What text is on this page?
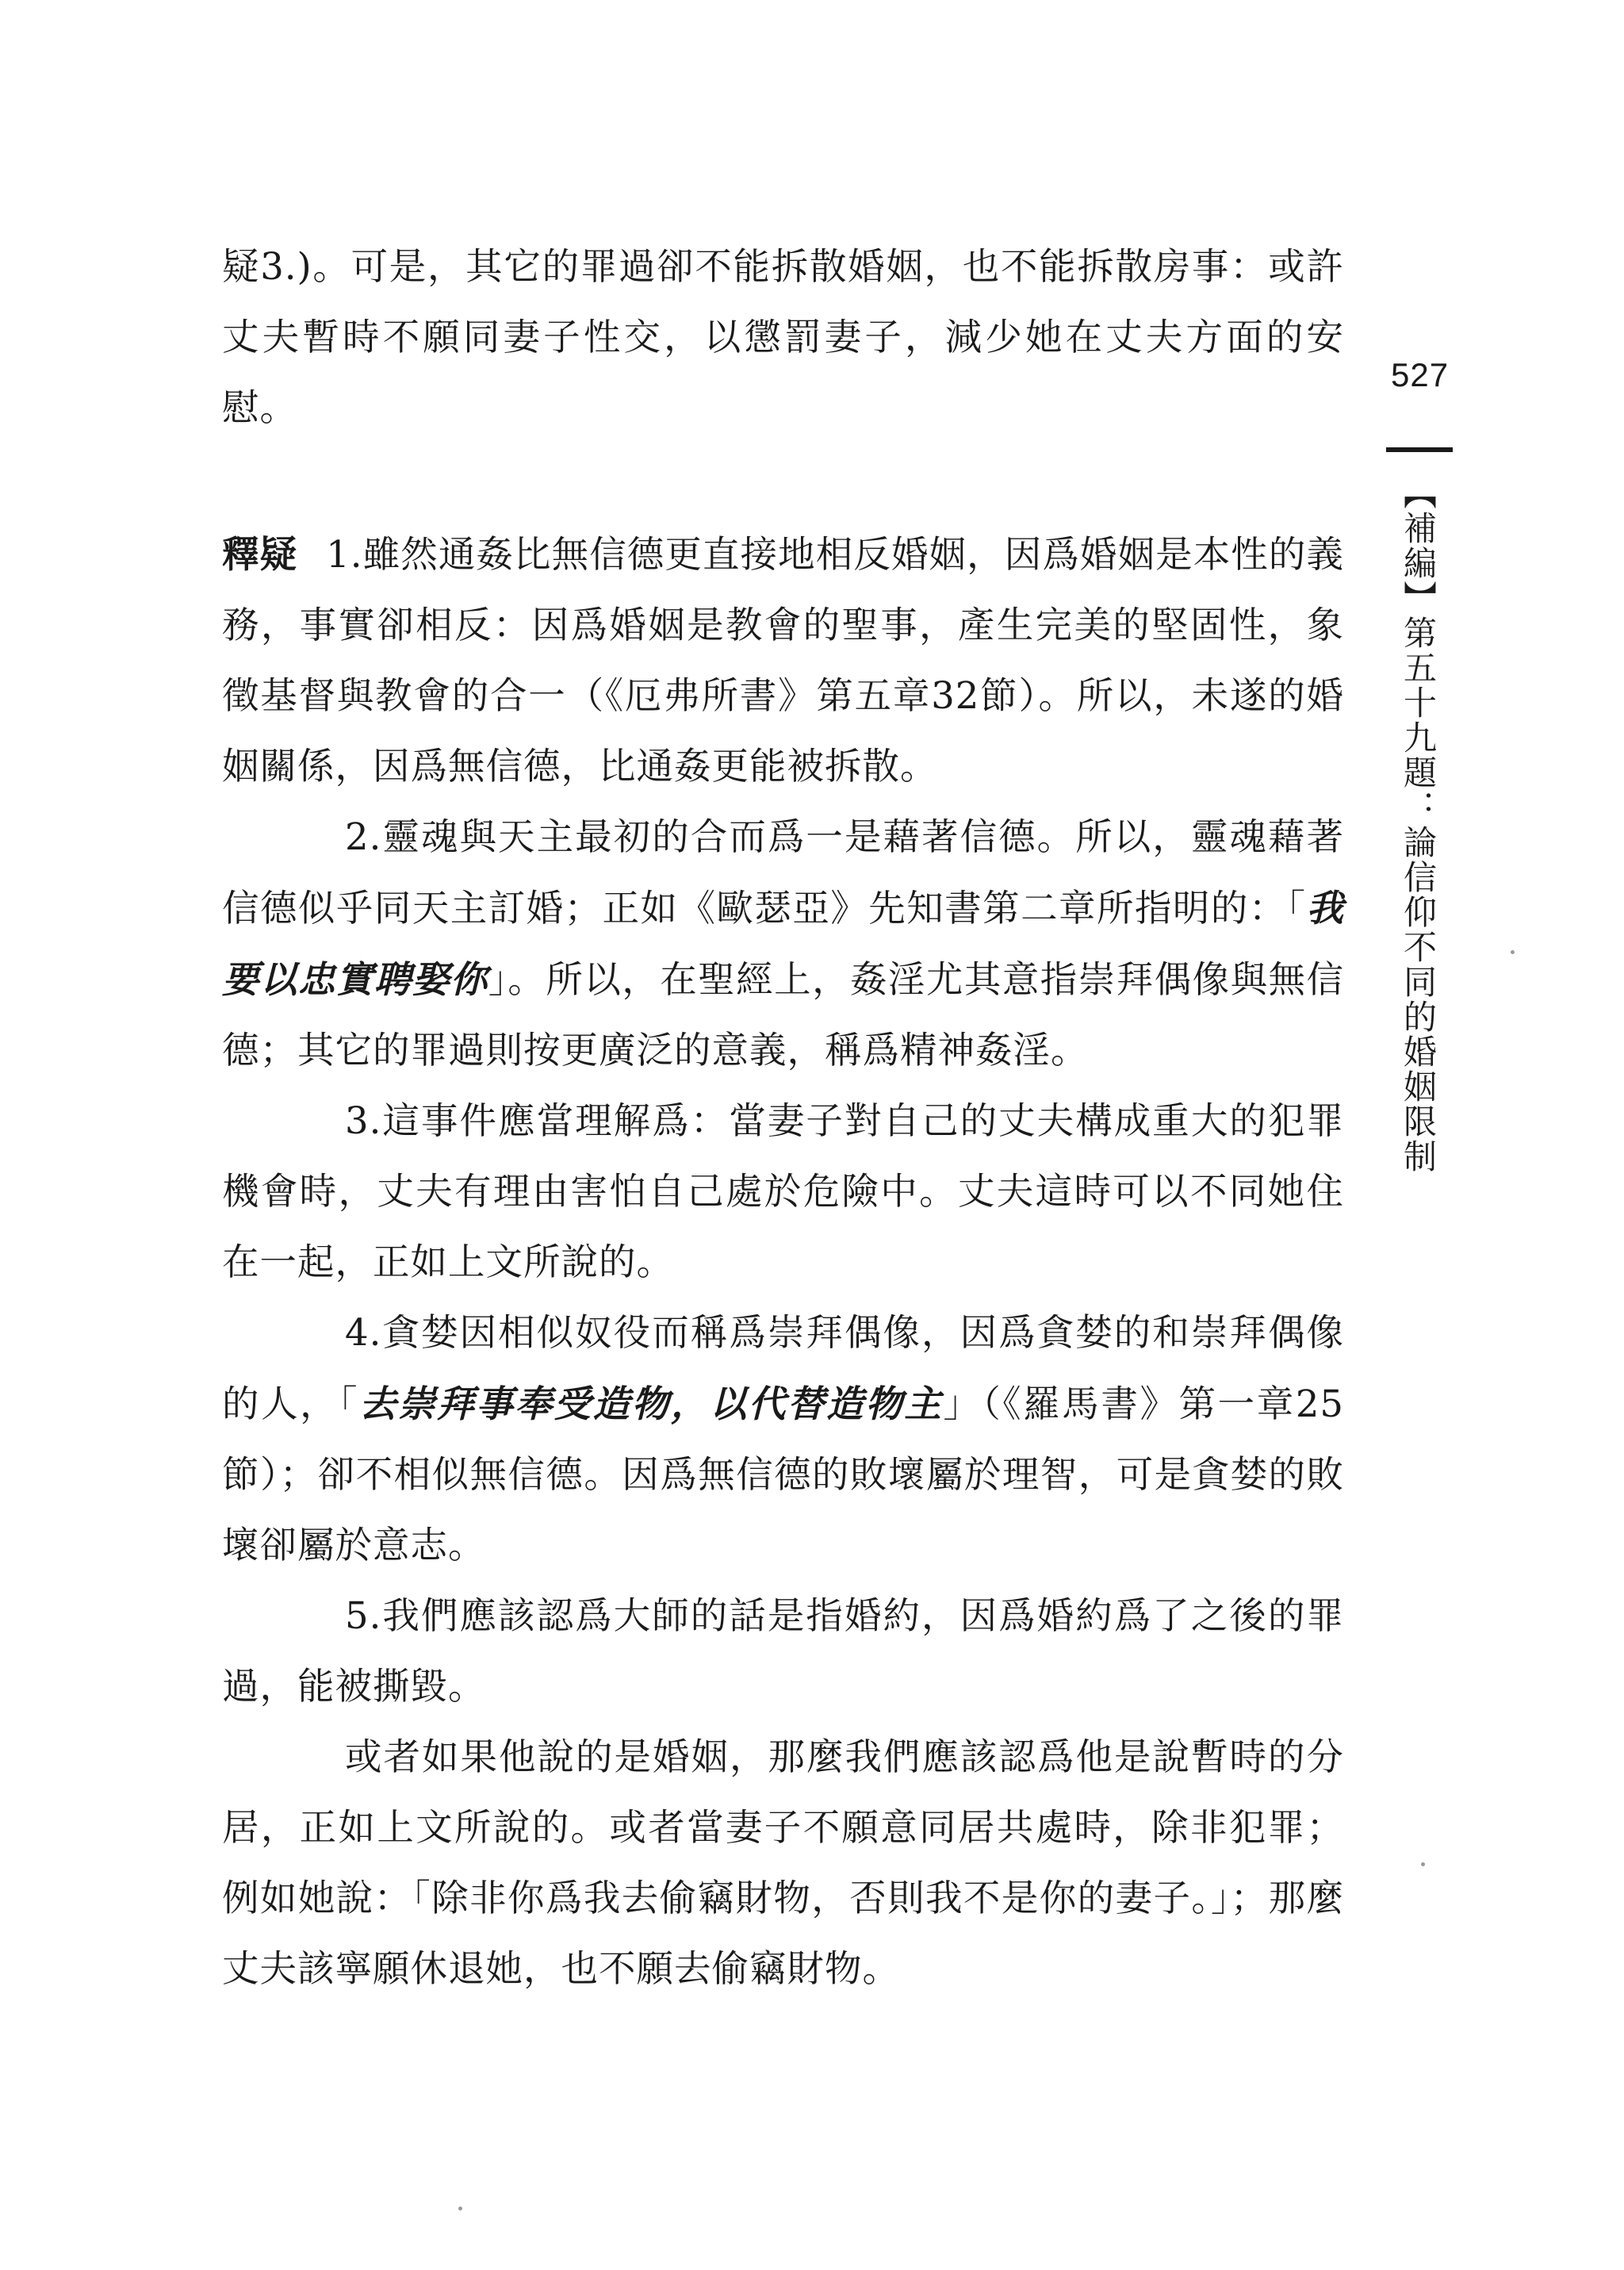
527
【補編】第五十九題：論信仰不同的婚姻限制

疑3.)。可是，其它的罪過卻不能拆散婚姻，也不能拆散房事：或許丈夫暫時不願同妻子性交，以懲罰妻子，減少她在丈夫方面的安慰。

釋疑 1.雖然通姦比無信德更直接地相反婚姻，因爲婚姻是本性的義務，事實卻相反：因爲婚姻是教會的聖事，產生完美的堅固性，象徵基督與教會的合一（《厄弗所書》第五章32節）。所以，未遂的婚姻關係，因爲無信德，比通姦更能被拆散。

2.靈魂與天主最初的合而爲一是藉著信德。所以，靈魂藉著信德似乎同天主訂婚；正如《歐瑟亞》先知書第二章所指明的：「我要以忠實聘娶你」。所以，在聖經上，姦淫尤其意指崇拜偶像與無信德；其它的罪過則按更廣泛的意義，稱爲精神姦淫。

3.這事件應當理解爲：當妻子對自己的丈夫構成重大的犯罪機會時，丈夫有理由害怕自己處於危險中。丈夫這時可以不同她住在一起，正如上文所說的。

4.貪婪因相似奴役而稱爲崇拜偶像，因爲貪婪的和崇拜偶像的人，「去崇拜事奉受造物，以代替造物主」（《羅馬書》第一章25節）；卻不相似無信德。因爲無信德的敗壞屬於理智，可是貪婪的敗壞卻屬於意志。

5.我們應該認爲大師的話是指婚約，因爲婚約爲了之後的罪過，能被撕毀。

或者如果他說的是婚姻，那麼我們應該認爲他是說暫時的分居，正如上文所說的。或者當妻子不願意同居共處時，除非犯罪；例如她說：「除非你爲我去偷竊財物，否則我不是你的妻子。」；那麼丈夫該寧願休退她，也不願去偷竊財物。
